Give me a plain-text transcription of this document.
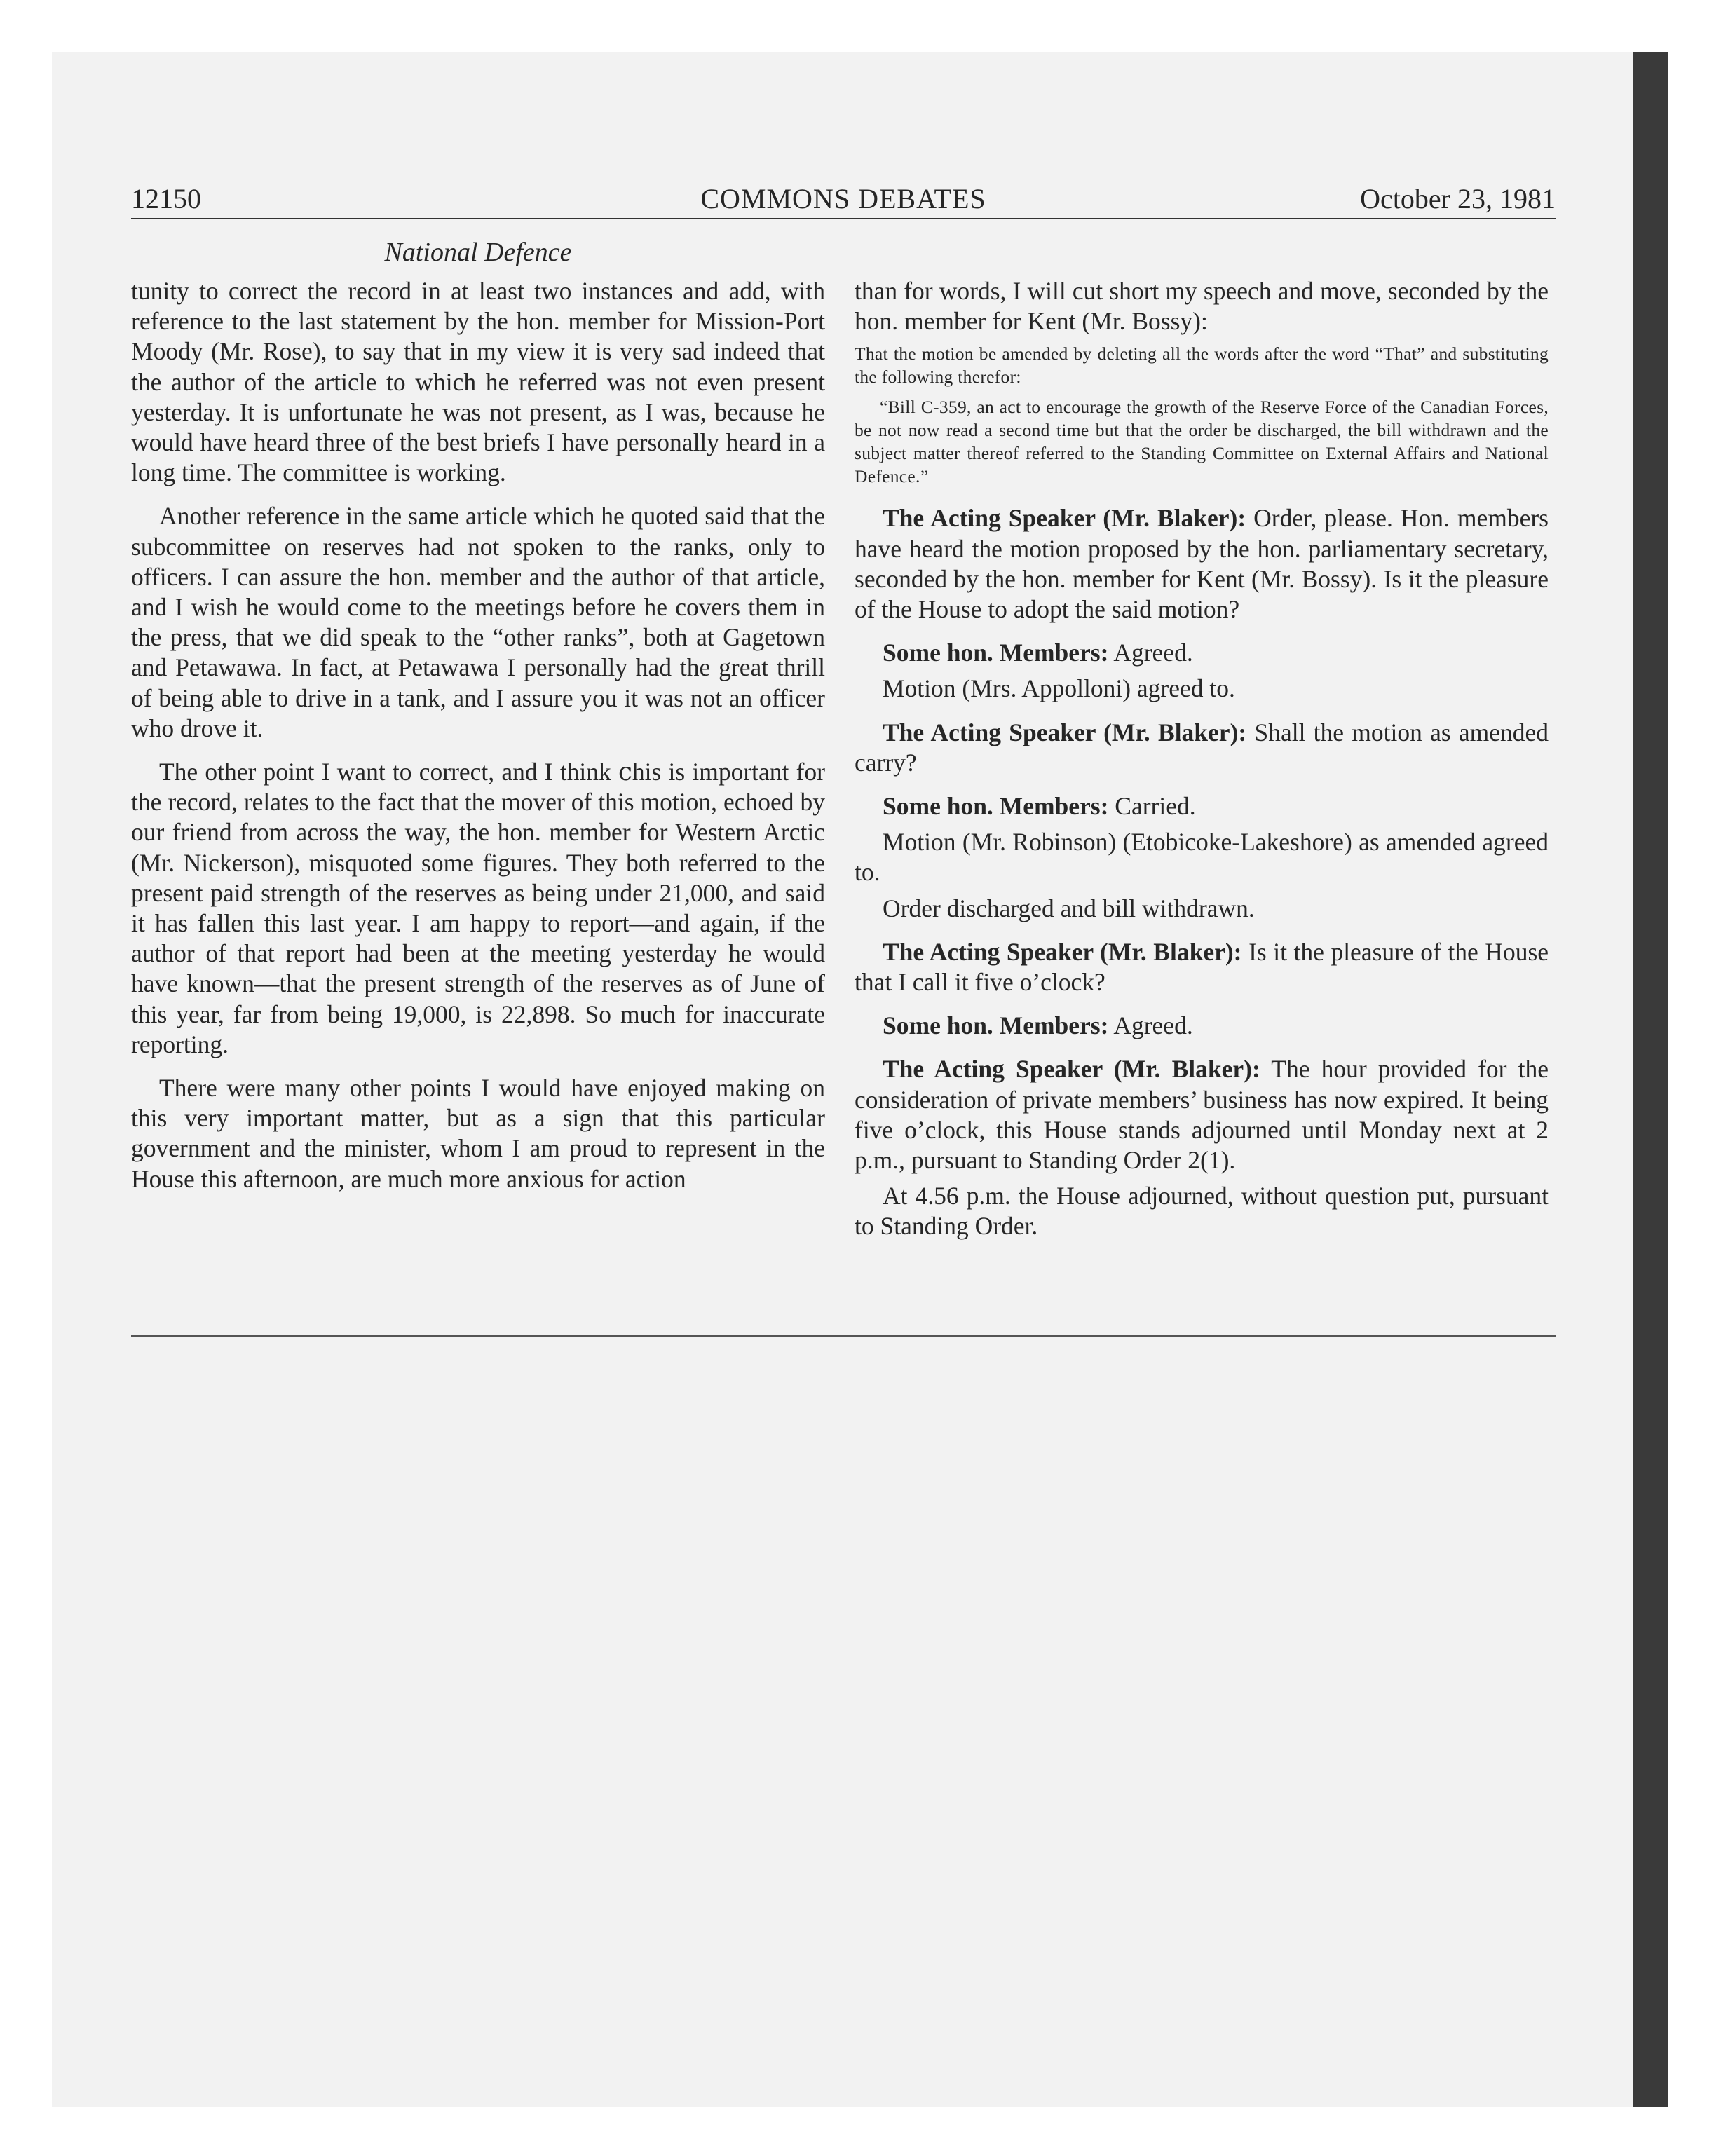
12150	COMMONS DEBATES	October 23, 1981
National Defence

tunity to correct the record in at least two instances and add, with reference to the last statement by the hon. member for Mission-Port Moody (Mr. Rose), to say that in my view it is very sad indeed that the author of the article to which he referred was not even present yesterday. It is unfortunate he was not present, as I was, because he would have heard three of the best briefs I have personally heard in a long time. The committee is working.

Another reference in the same article which he quoted said that the subcommittee on reserves had not spoken to the ranks, only to officers. I can assure the hon. member and the author of that article, and I wish he would come to the meetings before he covers them in the press, that we did speak to the “other ranks”, both at Gagetown and Petawawa. In fact, at Petawawa I personally had the great thrill of being able to drive in a tank, and I assure you it was not an officer who drove it.

The other point I want to correct, and I think ⅽhis is important for the record, relates to the fact that the mover of this motion, echoed by our friend from across the way, the hon. member for Western Arctic (Mr. Nickerson), misquoted some figures. They both referred to the present paid strength of the reserves as being under 21,000, and said it has fallen this last year. I am happy to report—and again, if the author of that report had been at the meeting yesterday he would have known—that the present strength of the reserves as of June of this year, far from being 19,000, is 22,898. So much for inaccurate reporting.

There were many other points I would have enjoyed making on this very important matter, but as a sign that this particular government and the minister, whom I am proud to represent in the House this afternoon, are much more anxious for action

than for words, I will cut short my speech and move, seconded by the hon. member for Kent (Mr. Bossy):

That the motion be amended by deleting all the words after the word “That” and substituting the following therefor:

“Bill C-359, an act to encourage the growth of the Reserve Force of the Canadian Forces, be not now read a second time but that the order be discharged, the bill withdrawn and the subject matter thereof referred to the Standing Committee on External Affairs and National Defence.”

The Acting Speaker (Mr. Blaker): Order, please. Hon. members have heard the motion proposed by the hon. parliamentary secretary, seconded by the hon. member for Kent (Mr. Bossy). Is it the pleasure of the House to adopt the said motion?

Some hon. Members: Agreed.

Motion (Mrs. Appolloni) agreed to.

The Acting Speaker (Mr. Blaker): Shall the motion as amended carry?

Some hon. Members: Carried.

Motion (Mr. Robinson) (Etobicoke-Lakeshore) as amended agreed to.

Order discharged and bill withdrawn.

The Acting Speaker (Mr. Blaker): Is it the pleasure of the House that I call it five o’clock?

Some hon. Members: Agreed.

The Acting Speaker (Mr. Blaker): The hour provided for the consideration of private members’ business has now expired. It being five o’clock, this House stands adjourned until Monday next at 2 p.m., pursuant to Standing Order 2(1).

At 4.56 p.m. the House adjourned, without question put, pursuant to Standing Order.
